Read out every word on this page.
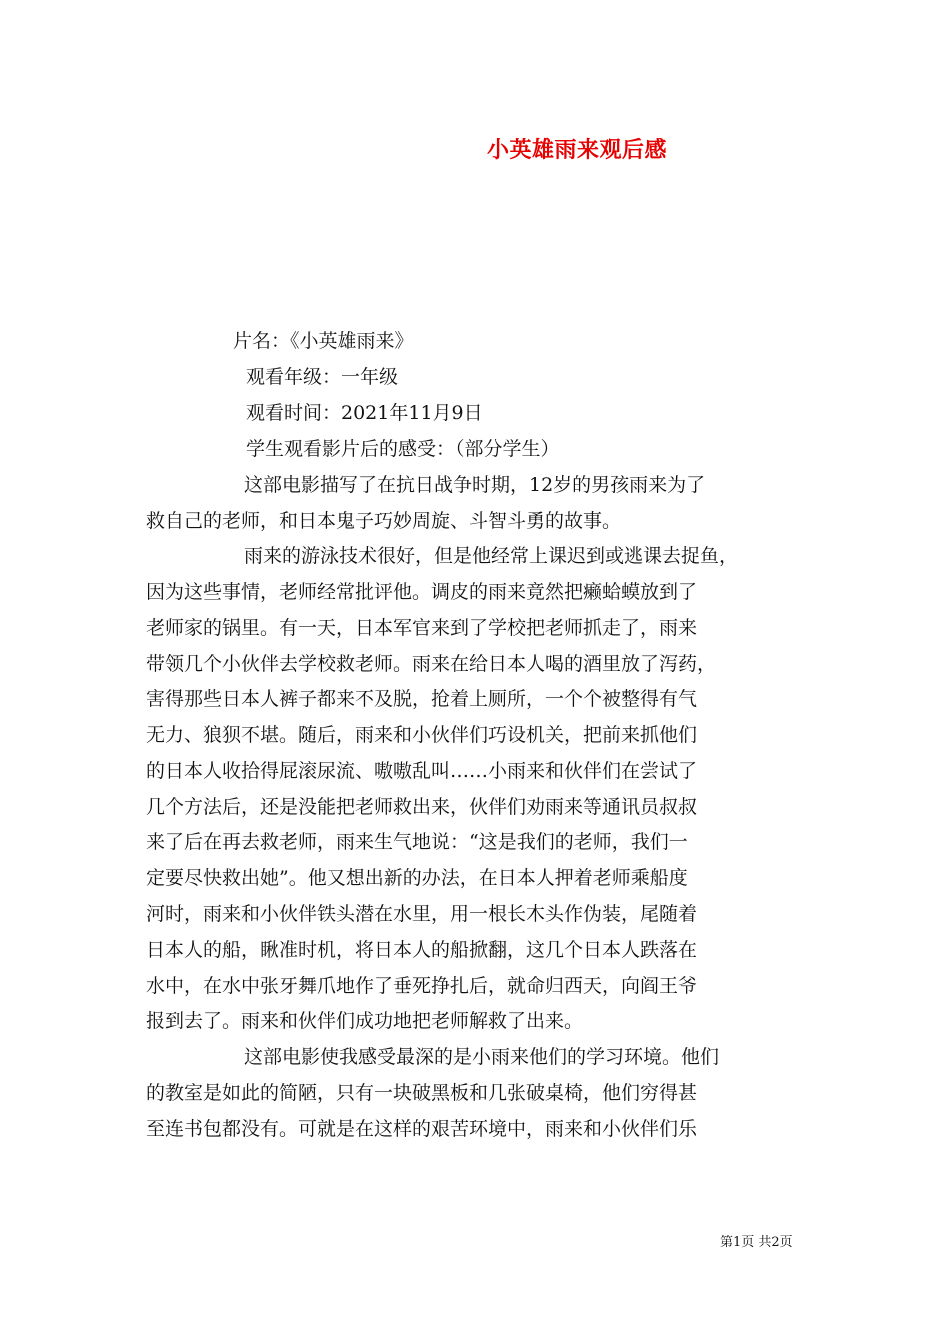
小英雄雨来观后感
片名：《小英雄雨来》
观看年级：一年级
观看时间：2021年11月9日
学生观看影片后的感受：（部分学生）
这部电影描写了在抗日战争时期，12岁的男孩雨来为了
救自己的老师，和日本鬼子巧妙周旋、斗智斗勇的故事。
雨来的游泳技术很好，但是他经常上课迟到或逃课去捉鱼，
因为这些事情，老师经常批评他。调皮的雨来竟然把癞蛤蟆放到了
老师家的锅里。有一天，日本军官来到了学校把老师抓走了，雨来
带领几个小伙伴去学校救老师。雨来在给日本人喝的酒里放了泻药，
害得那些日本人裤子都来不及脱，抢着上厕所，一个个被整得有气
无力、狼狈不堪。随后，雨来和小伙伴们巧设机关，把前来抓他们
的日本人收拾得屁滚尿流、嗷嗷乱叫……小雨来和伙伴们在尝试了
几个方法后，还是没能把老师救出来，伙伴们劝雨来等通讯员叔叔
来了后在再去救老师，雨来生气地说：“这是我们的老师，我们一
定要尽快救出她”。他又想出新的办法，在日本人押着老师乘船度
河时，雨来和小伙伴铁头潜在水里，用一根长木头作伪装，尾随着
日本人的船，瞅准时机，将日本人的船掀翻，这几个日本人跌落在
水中，在水中张牙舞爪地作了垂死挣扎后，就命归西天，向阎王爷
报到去了。雨来和伙伴们成功地把老师解救了出来。
这部电影使我感受最深的是小雨来他们的学习环境。他们
的教室是如此的简陋，只有一块破黑板和几张破桌椅，他们穷得甚
至连书包都没有。可就是在这样的艰苦环境中，雨来和小伙伴们乐
第1页 共2页
